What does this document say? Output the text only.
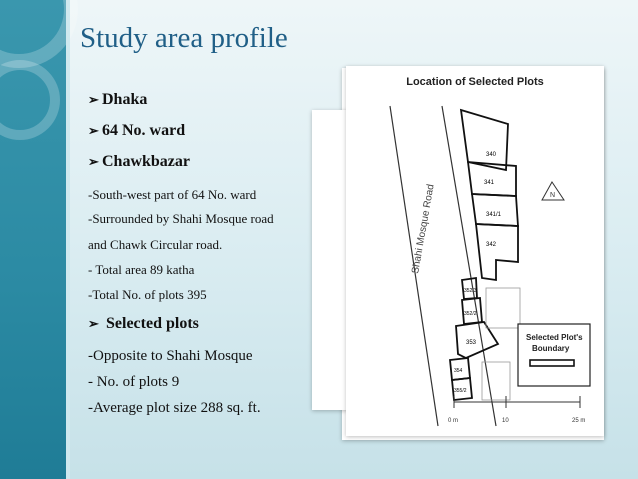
Study area profile
➢ Dhaka
➢ 64 No. ward
➢ Chawkbazar
-South-west part of 64 No. ward
-Surrounded by Shahi Mosque road
and Chawk Circular road.
- Total area 89 katha
-Total No. of plots 395
➢ Selected plots
-Opposite to Shahi Mosque
- No. of plots 9
-Average plot size 288 sq. ft.
Location of Selected Plots
Shahi Mosque Road
341
341/1
342
340
352/2
352/3
353
354
355/2
N
Selected Plot's
Boundary
0 m	10	25 m
